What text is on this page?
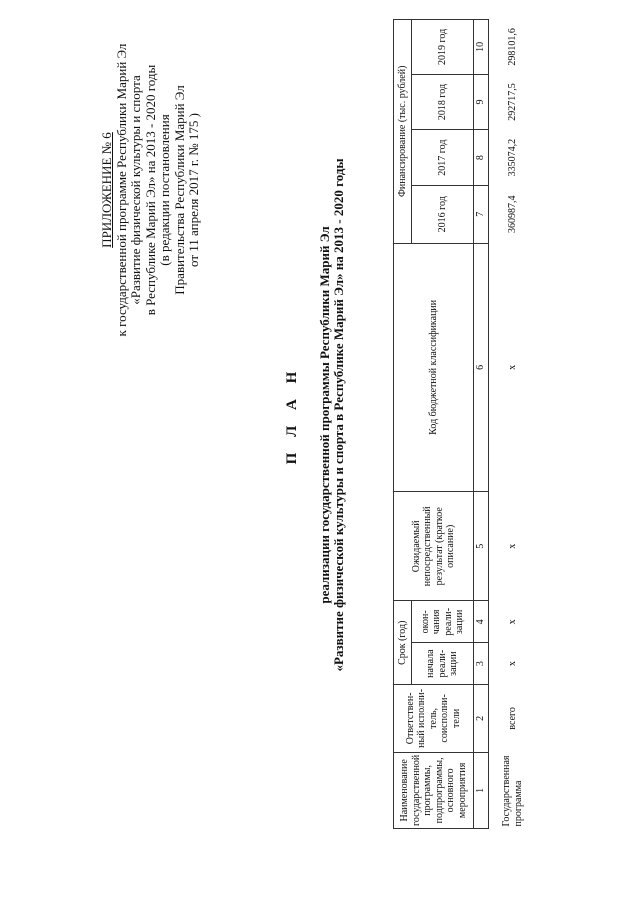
ПРИЛОЖЕНИЕ № 6 к государственной программе Республики Марий Эл «Развитие физической культуры и спорта в Республике Марий Эл» на 2013 - 2020 годы (в редакции постановления Правительства Республики Марий Эл от 11 апреля 2017 г. № 175 )
П Л А Н реализации государственной программы Республики Марий Эл «Развитие физической культуры и спорта в Республике Марий Эл» на 2013 - 2020 годы
Наименование государственной программы, подпрограммы, основного мероприятия	Ответствен-ный исполни-тель, соисполни-тели	Срок (год)		Ожидаемый непосредственный результат (краткое описание)	Код бюджетной классификации	Финансирование (тыс. рублей)			
		начала реали-зации	окон-чания реали-зации			2016 год	2017 год	2018 год	2019 год
1	2	3	4	5	6	7	8	9	10
Государственная программа	всего	х	х	х	х	360987,4	335074,2	292717,5	298101,6
